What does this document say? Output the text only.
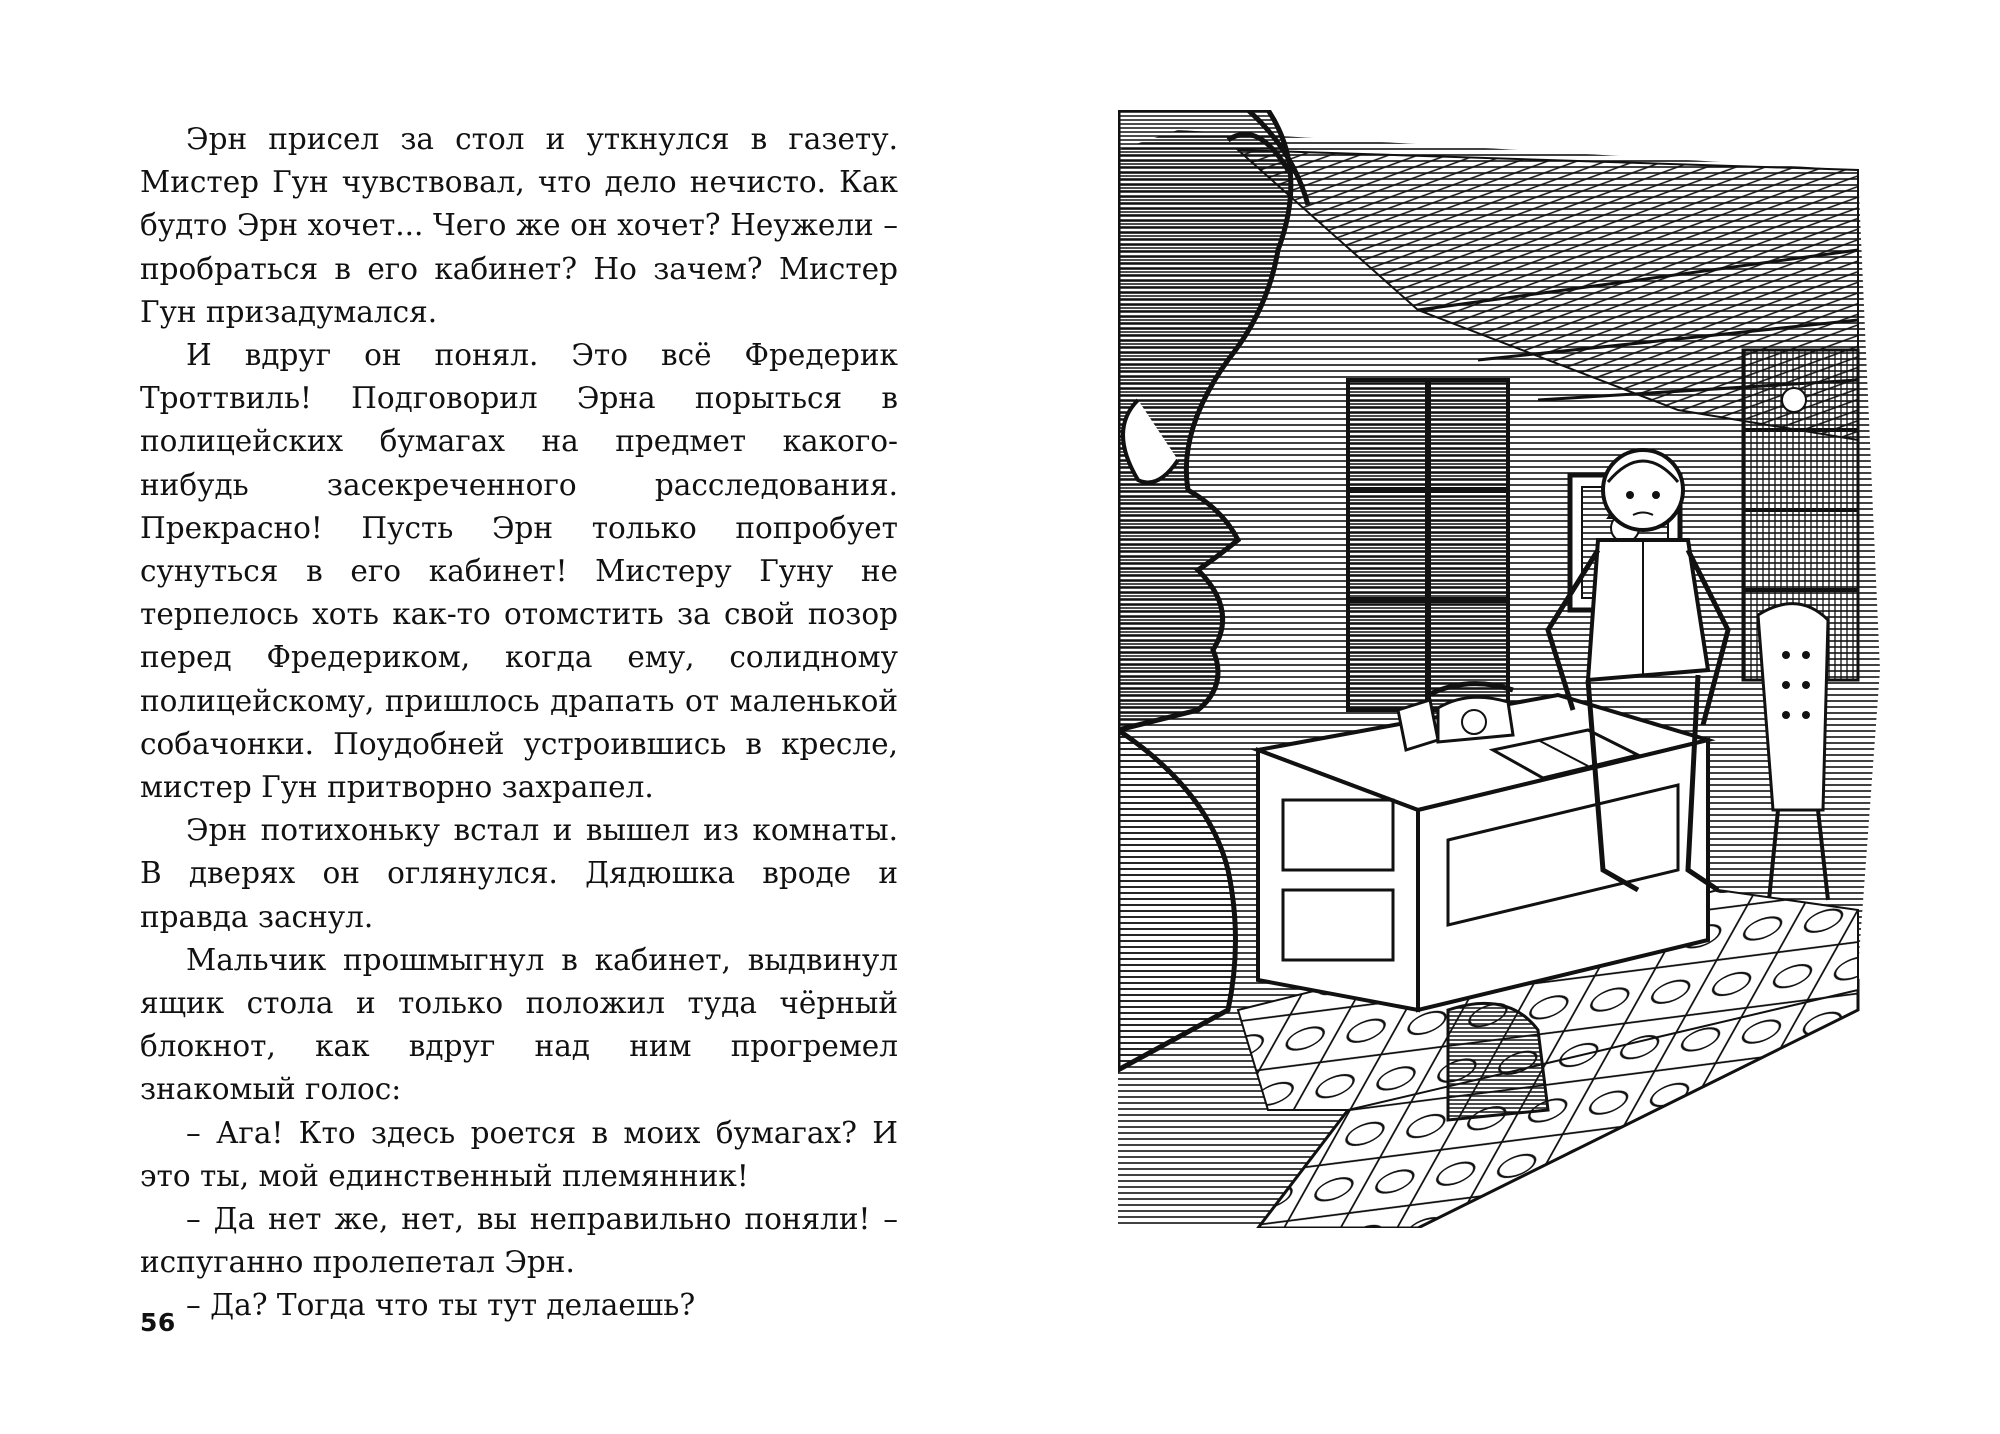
Эрн присел за стол и уткнулся в газету. Мистер Гун чувствовал, что дело нечисто. Как будто Эрн хочет... Чего же он хочет? Неужели – пробраться в его кабинет? Но зачем? Мистер Гун призадумался.

И вдруг он понял. Это всё Фредерик Троттвиль! Подговорил Эрна порыться в полицейских бумагах на предмет какого-нибудь засекреченного расследования. Прекрасно! Пусть Эрн только попробует сунуться в его кабинет! Мистеру Гуну не терпелось хоть как-то отомстить за свой позор перед Фредериком, когда ему, солидному полицейскому, пришлось драпать от маленькой собачонки. Поудобней устроившись в кресле, мистер Гун притворно захрапел.

Эрн потихоньку встал и вышел из комнаты. В дверях он оглянулся. Дядюшка вроде и правда заснул.

Мальчик прошмыгнул в кабинет, выдвинул ящик стола и только положил туда чёрный блокнот, как вдруг над ним прогремел знакомый голос:

– Ага! Кто здесь роется в моих бумагах? И это ты, мой единственный племянник!

– Да нет же, нет, вы неправильно поняли! – испуганно пролепетал Эрн.

– Да? Тогда что ты тут делаешь?

56
